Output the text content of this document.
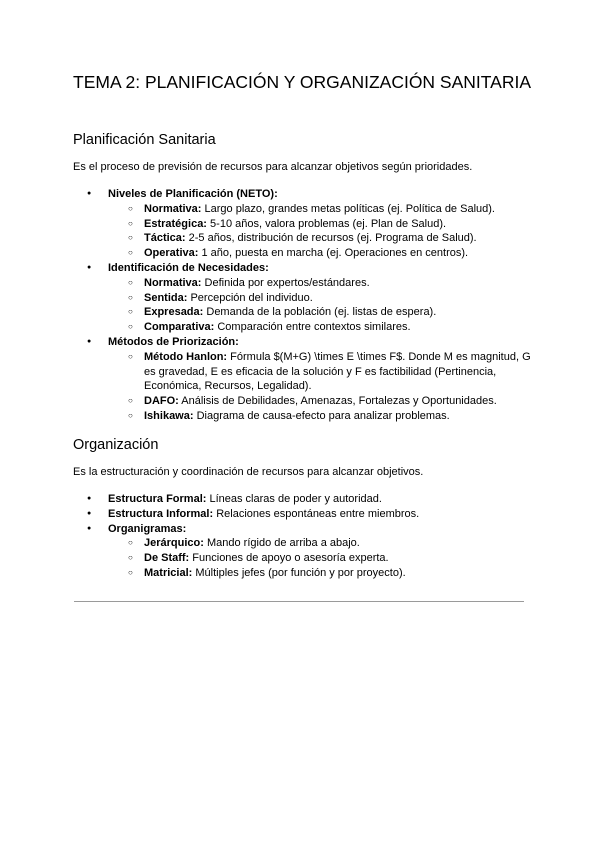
TEMA 2: PLANIFICACIÓN Y ORGANIZACIÓN SANITARIA
Planificación Sanitaria

Es el proceso de previsión de recursos para alcanzar objetivos según prioridades.

● Niveles de Planificación (NETO):
○ Normativa: Largo plazo, grandes metas políticas (ej. Política de Salud).
○ Estratégica: 5-10 años, valora problemas (ej. Plan de Salud).
○ Táctica: 2-5 años, distribución de recursos (ej. Programa de Salud).
○ Operativa: 1 año, puesta en marcha (ej. Operaciones en centros).
● Identificación de Necesidades:
○ Normativa: Definida por expertos/estándares.
○ Sentida: Percepción del individuo.
○ Expresada: Demanda de la población (ej. listas de espera).
○ Comparativa: Comparación entre contextos similares.
● Métodos de Priorización:
○ Método Hanlon: Fórmula $(M+G) \times E \times F$. Donde M es magnitud, G es gravedad, E es eficacia de la solución y F es factibilidad (Pertinencia, Económica, Recursos, Legalidad).
○ DAFO: Análisis de Debilidades, Amenazas, Fortalezas y Oportunidades.
○ Ishikawa: Diagrama de causa-efecto para analizar problemas.
Organización

Es la estructuración y coordinación de recursos para alcanzar objetivos.

● Estructura Formal: Líneas claras de poder y autoridad.
● Estructura Informal: Relaciones espontáneas entre miembros.
● Organigramas:
○ Jerárquico: Mando rígido de arriba a abajo.
○ De Staff: Funciones de apoyo o asesoría experta.
○ Matricial: Múltiples jefes (por función y por proyecto).
